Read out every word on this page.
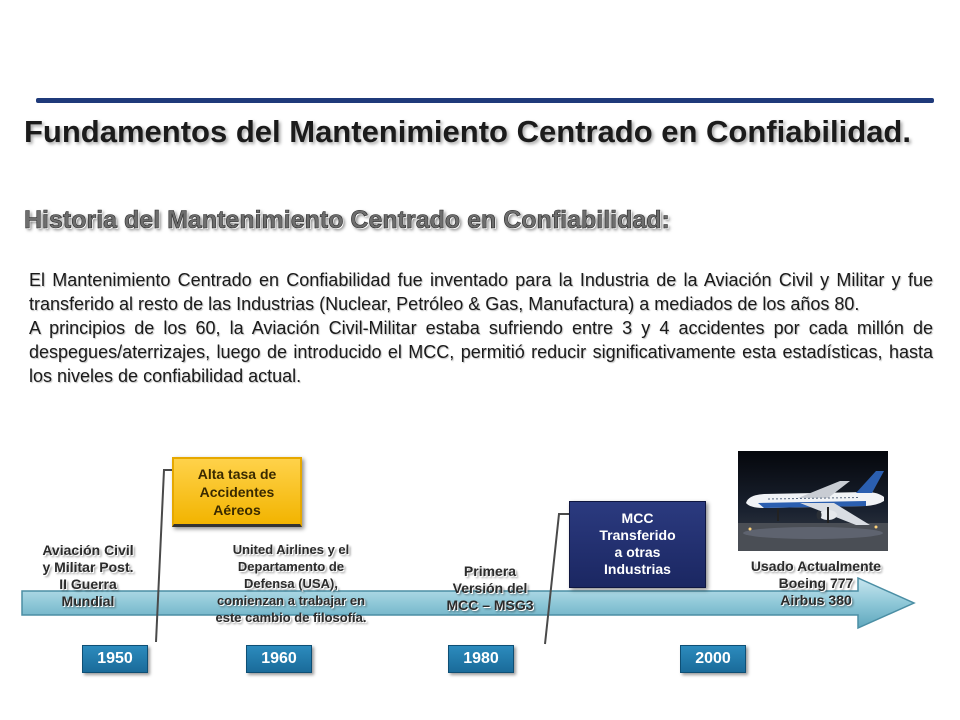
Fundamentos del Mantenimiento Centrado en Confiabilidad.
Historia del Mantenimiento Centrado en Confiabilidad:

El Mantenimiento Centrado en Confiabilidad fue inventado para la Industria de la Aviación Civil y Militar y fue transferido al resto de las Industrias (Nuclear, Petróleo & Gas, Manufactura) a mediados de los años 80.

A principios de los 60, la Aviación Civil-Militar estaba sufriendo entre 3 y 4 accidentes por cada millón de despegues/aterrizajes, luego de introducido el MCC, permitió reducir significativamente esta estadísticas, hasta los niveles de confiabilidad actual.

1950	1960	1980	2000
Aviación Civil
y Militar Post.
II Guerra
Mundial
Alta tasa de
Accidentes
Aéreos
United Airlines y el
Departamento de
Defensa (USA),
comienzan a trabajar en
este cambio de filosofía.
Primera
Versión del
MCC – MSG3
MCC
Transferido
a otras
Industrias	Usado Actualmente
Boeing 777
Airbus 380
